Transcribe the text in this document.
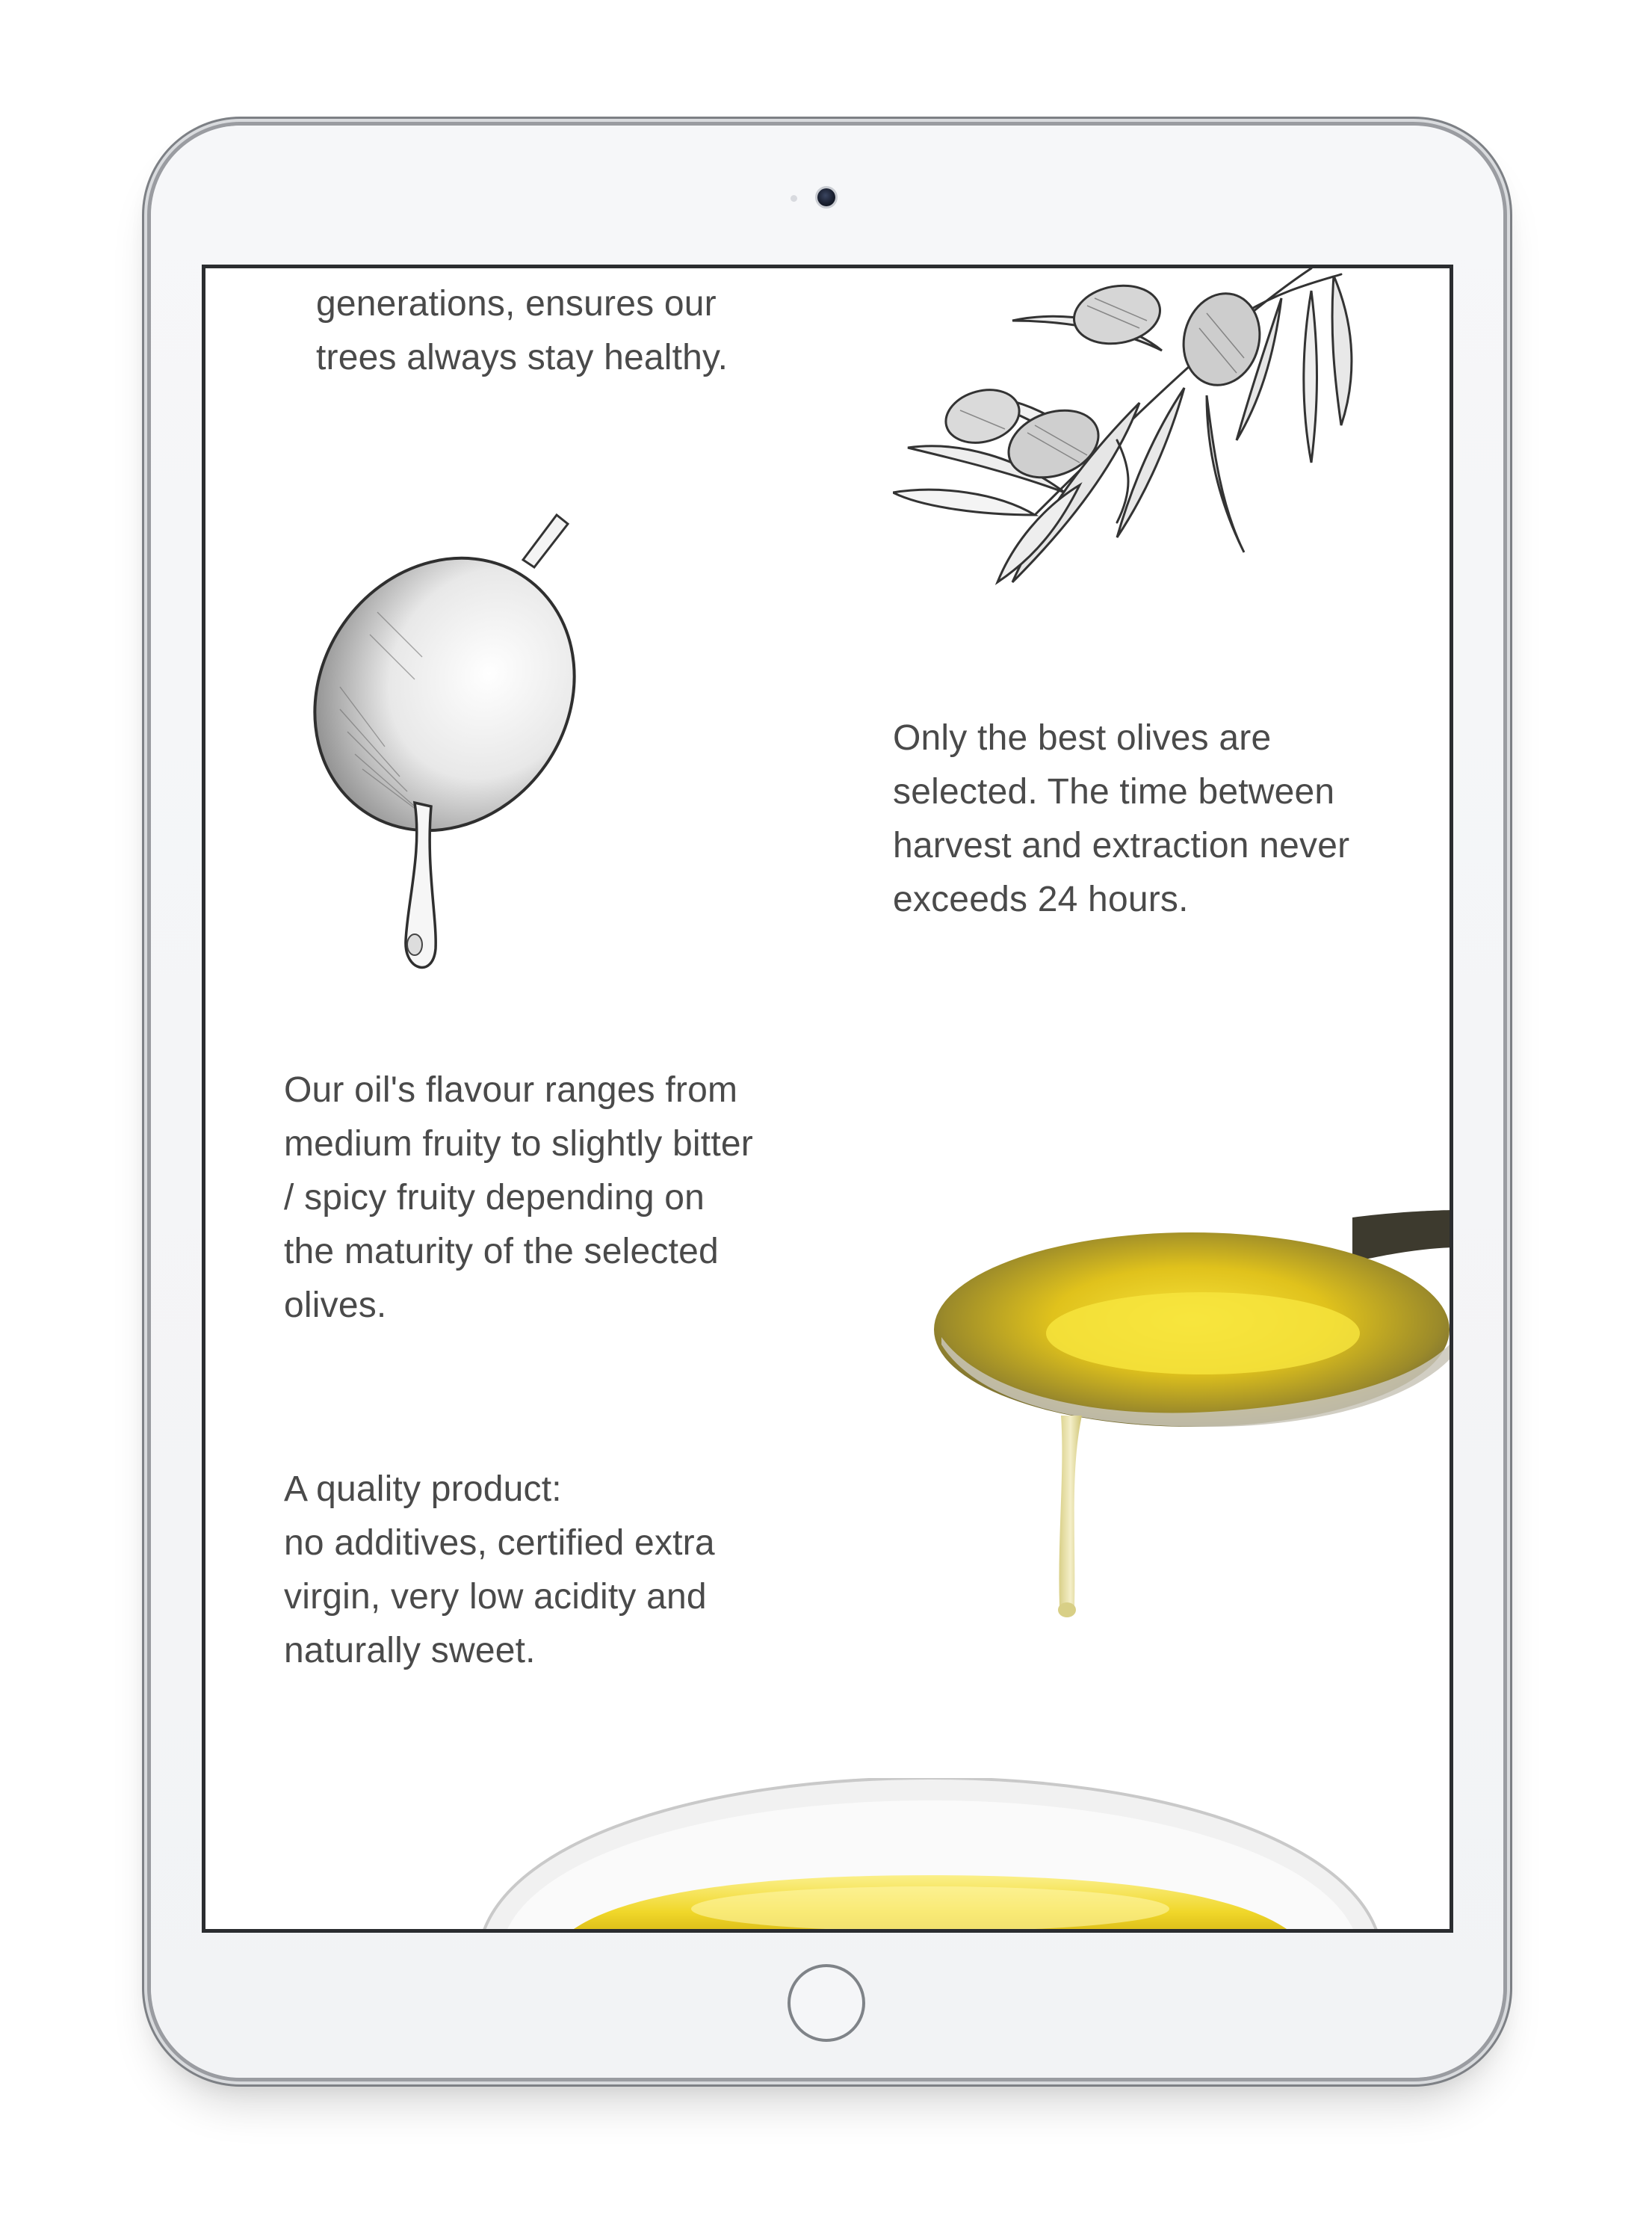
generations, ensures our
trees always stay healthy.

Only the best olives are
selected. The time between
harvest and extraction never
exceeds 24 hours.

Our oil's flavour ranges from
medium fruity to slightly bitter
/ spicy fruity depending on
the maturity of the selected
olives.

A quality product:
no additives, certified extra
virgin, very low acidity and
naturally sweet.
